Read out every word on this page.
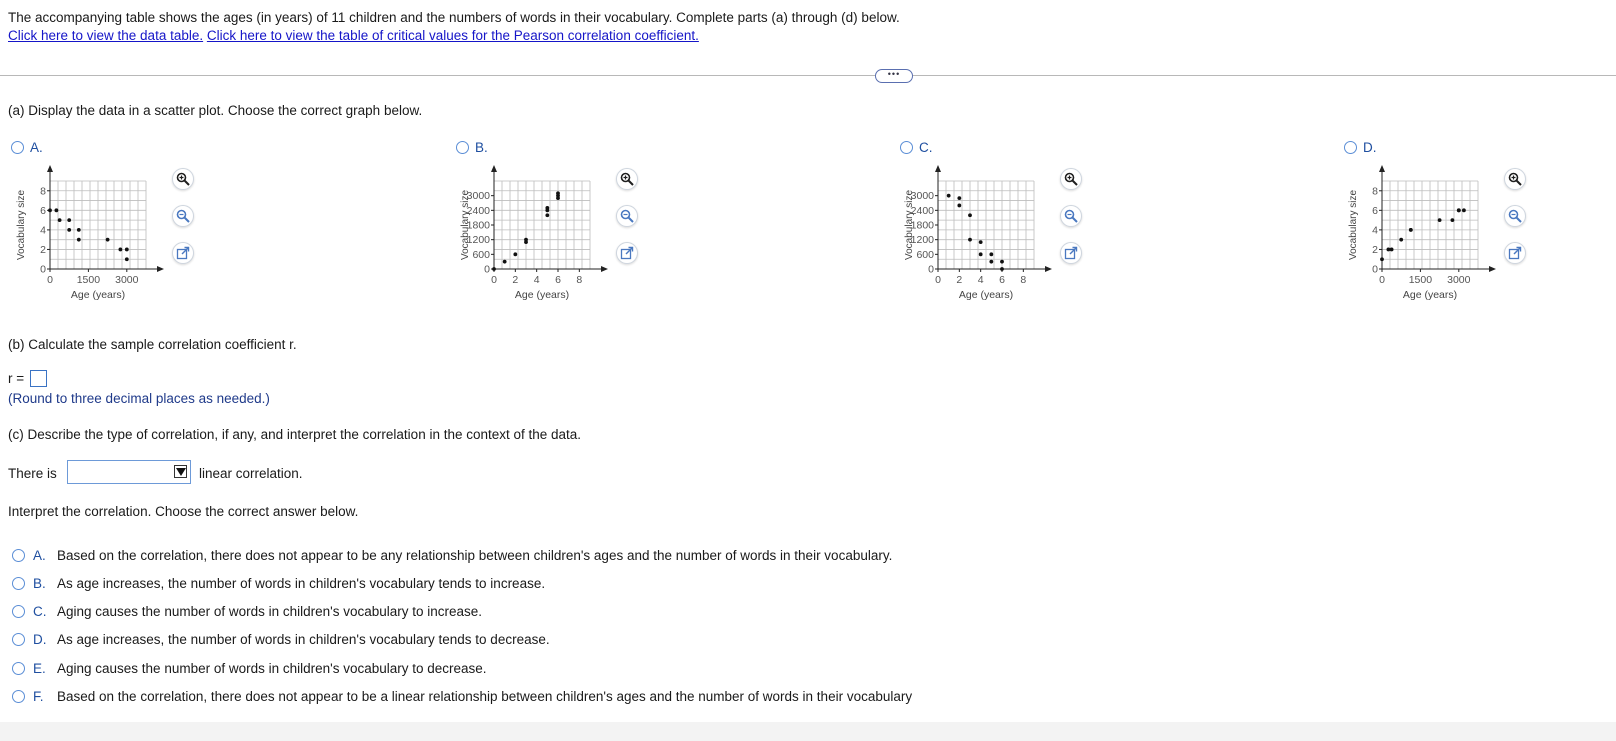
The accompanying table shows the ages (in years) of 11 children and the numbers of words in their vocabulary. Complete parts (a) through (d) below.
Click here to view the data table. Click here to view the table of critical values for the Pearson correlation coefficient.
•••
(a) Display the data in a scatter plot. Choose the correct graph below.
A.	B.	C.	D.
0
2
4
6
8
0 1500 3000
Age (years)
Vocabulary size
0
600
1200
1800
2400
3000
0 2 4 6 8
Age (years)
Vocabulary size
0
600
1200
1800
2400
3000
0 2 4 6 8
Age (years)
Vocabulary size
0
2
4
6
8
0 1500 3000
Age (years)
Vocabulary size
(b) Calculate the sample correlation coefficient r.
r =
(Round to three decimal places as needed.)
(c) Describe the type of correlation, if any, and interpret the correlation in the context of the data.
There is	linear correlation.
Interpret the correlation. Choose the correct answer below.
A. Based on the correlation, there does not appear to be any relationship between children's ages and the number of words in their vocabulary.
B. As age increases, the number of words in children's vocabulary tends to increase.
C. Aging causes the number of words in children's vocabulary to increase.
D. As age increases, the number of words in children's vocabulary tends to decrease.
E. Aging causes the number of words in children's vocabulary to decrease.
F. Based on the correlation, there does not appear to be a linear relationship between children's ages and the number of words in their vocabulary
